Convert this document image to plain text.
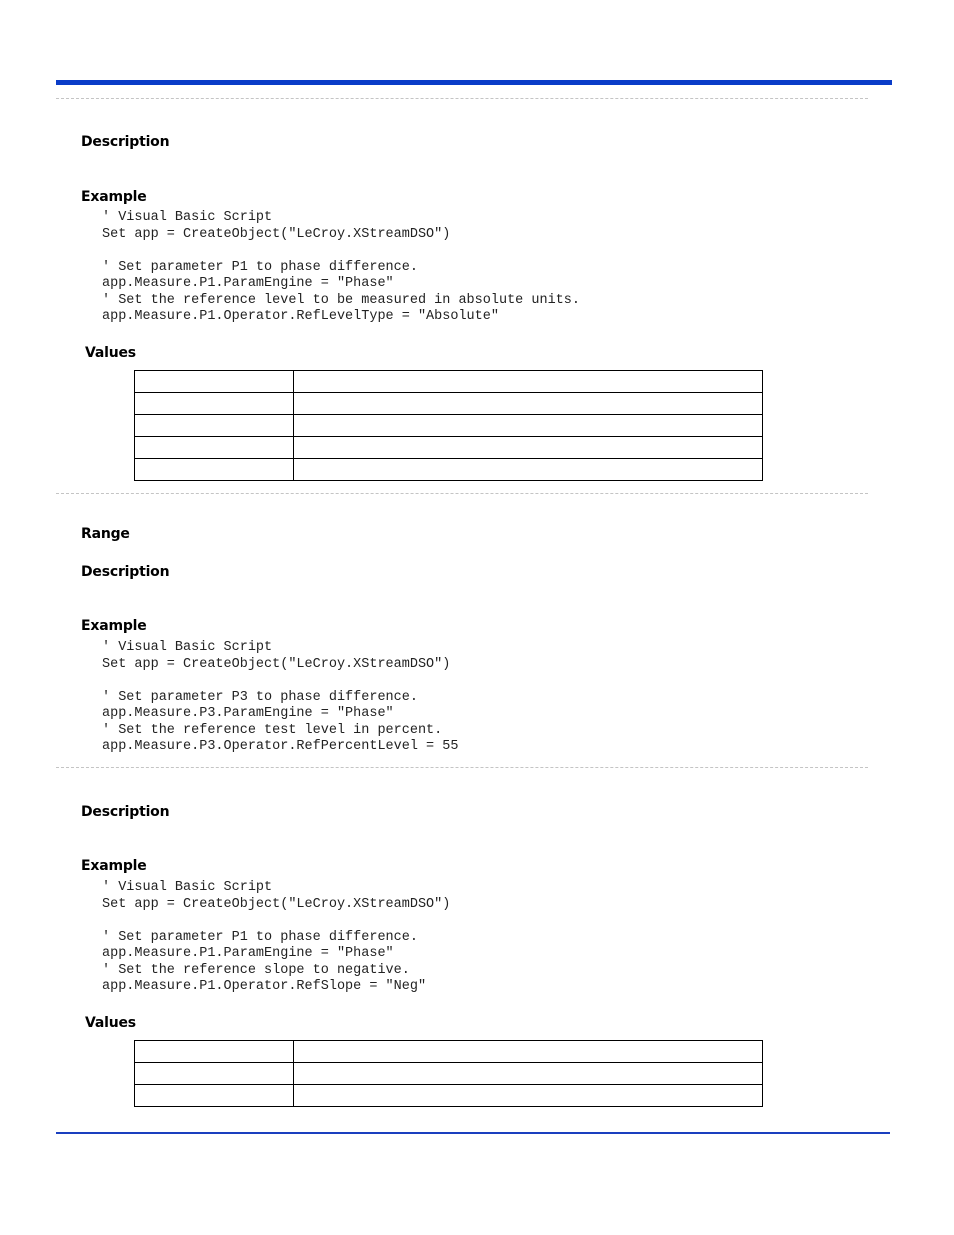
Description
Example
' Visual Basic Script
Set app = CreateObject("LeCroy.XStreamDSO")

' Set parameter P1 to phase difference.
app.Measure.P1.ParamEngine = "Phase"
' Set the reference level to be measured in absolute units.
app.Measure.P1.Operator.RefLevelType = "Absolute"
Values

Range
Description
Example
' Visual Basic Script
Set app = CreateObject("LeCroy.XStreamDSO")

' Set parameter P3 to phase difference.
app.Measure.P3.ParamEngine = "Phase"
' Set the reference test level in percent.
app.Measure.P3.Operator.RefPercentLevel = 55
Description
Example
' Visual Basic Script
Set app = CreateObject("LeCroy.XStreamDSO")

' Set parameter P1 to phase difference.
app.Measure.P1.ParamEngine = "Phase"
' Set the reference slope to negative.
app.Measure.P1.Operator.RefSlope = "Neg"
Values
